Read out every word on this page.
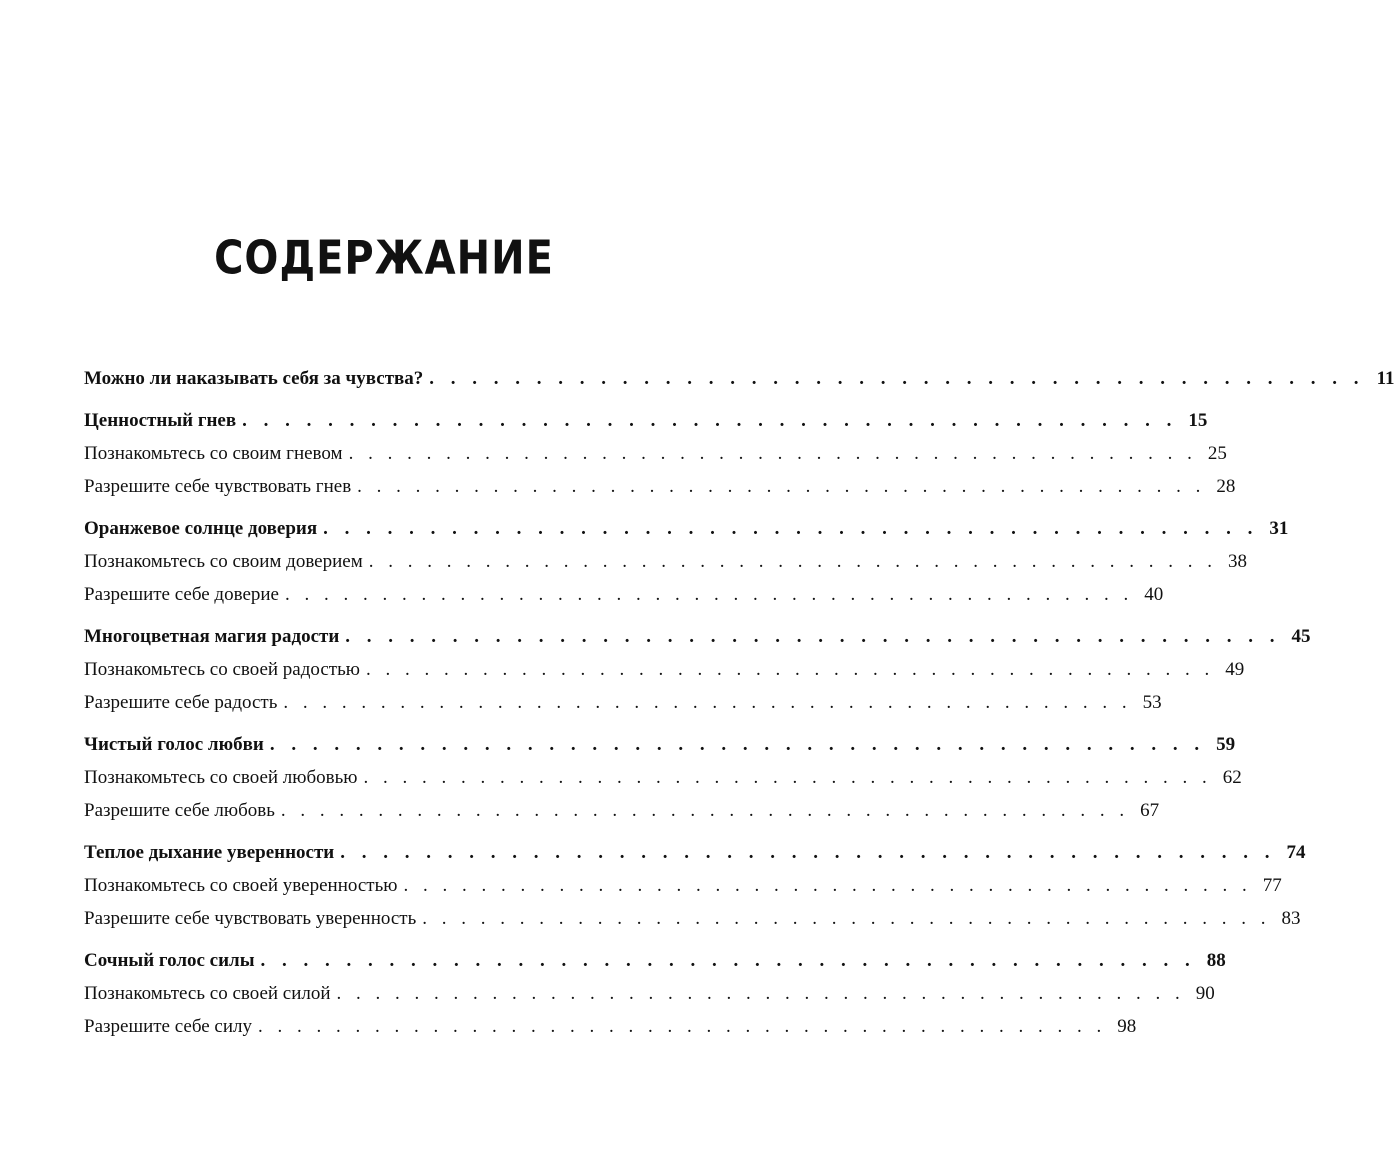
СОДЕРЖАНИЕ
Можно ли наказывать себя за чувства? . . . . . . . . . . . . . . . . . . . . . . . . . . . . . . . . . . . . . . . . . . . . 11
Ценностный гнев . . . . . . . . . . . . . . . . . . . . . . . . . . . . . . . . . . . . . . . . . . . . 15
Познакомьтесь со своим гневом . . . . . . . . . . . . . . . . . . . . . . . . . . . . . . . . . . . . . . . . . . . . 25
Разрешите себе чувствовать гнев . . . . . . . . . . . . . . . . . . . . . . . . . . . . . . . . . . . . . . . . . . . . 28
Оранжевое солнце доверия . . . . . . . . . . . . . . . . . . . . . . . . . . . . . . . . . . . . . . . . . . . . 31
Познакомьтесь со своим доверием . . . . . . . . . . . . . . . . . . . . . . . . . . . . . . . . . . . . . . . . . . . . 38
Разрешите себе доверие . . . . . . . . . . . . . . . . . . . . . . . . . . . . . . . . . . . . . . . . . . . . 40
Многоцветная магия радости . . . . . . . . . . . . . . . . . . . . . . . . . . . . . . . . . . . . . . . . . . . . 45
Познакомьтесь со своей радостью . . . . . . . . . . . . . . . . . . . . . . . . . . . . . . . . . . . . . . . . . . . . 49
Разрешите себе радость . . . . . . . . . . . . . . . . . . . . . . . . . . . . . . . . . . . . . . . . . . . . 53
Чистый голос любви . . . . . . . . . . . . . . . . . . . . . . . . . . . . . . . . . . . . . . . . . . . . 59
Познакомьтесь со своей любовью . . . . . . . . . . . . . . . . . . . . . . . . . . . . . . . . . . . . . . . . . . . . 62
Разрешите себе любовь . . . . . . . . . . . . . . . . . . . . . . . . . . . . . . . . . . . . . . . . . . . . 67
Теплое дыхание уверенности . . . . . . . . . . . . . . . . . . . . . . . . . . . . . . . . . . . . . . . . . . . . 74
Познакомьтесь со своей уверенностью . . . . . . . . . . . . . . . . . . . . . . . . . . . . . . . . . . . . . . . . . . . . 77
Разрешите себе чувствовать уверенность . . . . . . . . . . . . . . . . . . . . . . . . . . . . . . . . . . . . . . . . . . . . 83
Сочный голос силы . . . . . . . . . . . . . . . . . . . . . . . . . . . . . . . . . . . . . . . . . . . . 88
Познакомьтесь со своей силой . . . . . . . . . . . . . . . . . . . . . . . . . . . . . . . . . . . . . . . . . . . . 90
Разрешите себе силу . . . . . . . . . . . . . . . . . . . . . . . . . . . . . . . . . . . . . . . . . . . . 98
